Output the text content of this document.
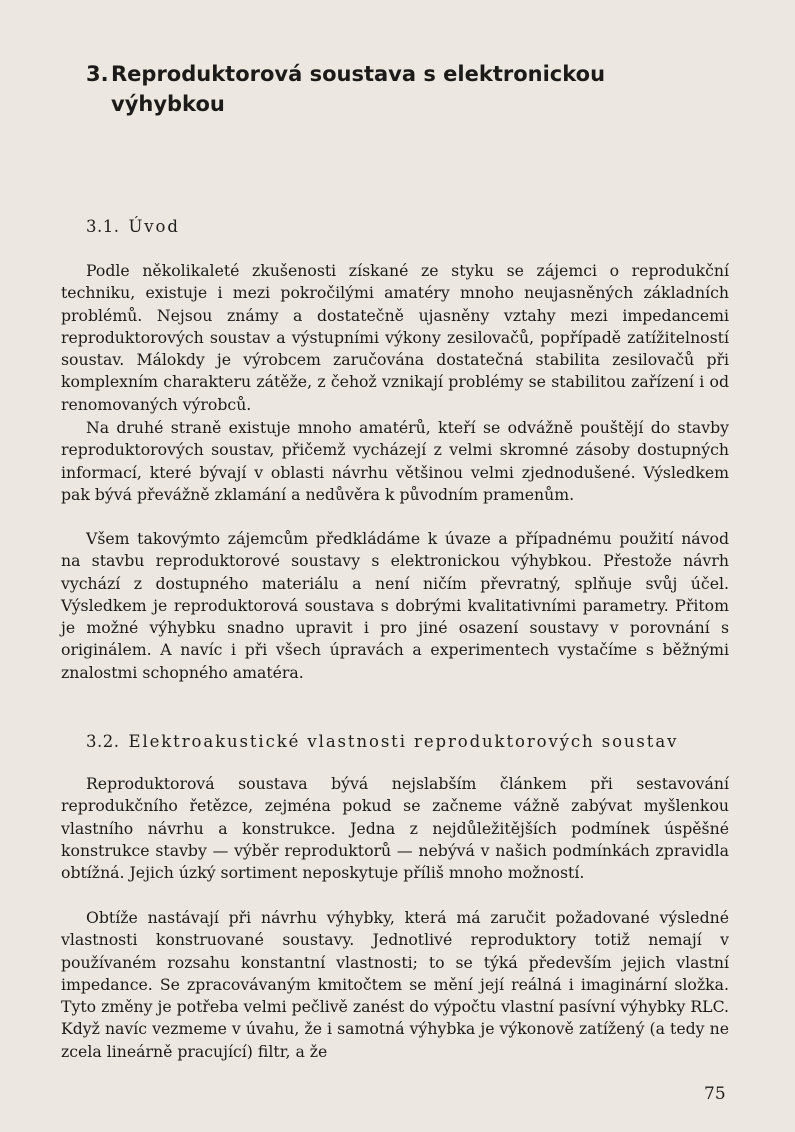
3. Reproduktorová soustava s elektronickou
výhybkou
3.1. Úvod

Podle několikaleté zkušenosti získané ze styku se zájemci o reprodukční techniku, existuje i mezi pokročilými amatéry mnoho neujasněných základních problémů. Nejsou známy a dostatečně ujasněny vztahy mezi impedancemi reproduktorových soustav a výstupními výkony zesilovačů, popřípadě zatížitelností soustav. Málokdy je výrobcem zaručována dostatečná stabilita zesilovačů při komplexním charakteru zátěže, z čehož vznikají problémy se stabilitou zařízení i od renomovaných výrobců.

Na druhé straně existuje mnoho amatérů, kteří se odvážně pouštějí do stavby reproduktorových soustav, přičemž vycházejí z velmi skromné zásoby dostupných informací, které bývají v oblasti návrhu většinou velmi zjednodušené. Výsledkem pak bývá převážně zklamání a nedůvěra k původním pramenům.

Všem takovýmto zájemcům předkládáme k úvaze a případnému použití návod na stavbu reproduktorové soustavy s elektronickou výhybkou. Přestože návrh vychází z dostupného materiálu a není ničím převratný, splňuje svůj účel. Výsledkem je reproduktorová soustava s dobrými kvalitativními parametry. Přitom je možné výhybku snadno upravit i pro jiné osazení soustavy v porovnání s originálem. A navíc i při všech úpravách a experimentech vystačíme s běžnými znalostmi schopného amatéra.

3.2. Elektroakustické vlastnosti reproduktorových soustav

Reproduktorová soustava bývá nejslabším článkem při sestavování reprodukčního řetězce, zejména pokud se začneme vážně zabývat myšlenkou vlastního návrhu a konstrukce. Jedna z nejdůležitějších podmínek úspěšné konstrukce stavby — výběr reproduktorů — nebývá v našich podmínkách zpravidla obtížná. Jejich úzký sortiment neposkytuje příliš mnoho možností.

Obtíže nastávají při návrhu výhybky, která má zaručit požadované výsledné vlastnosti konstruované soustavy. Jednotlivé reproduktory totiž nemají v používaném rozsahu konstantní vlastnosti; to se týká především jejich vlastní impedance. Se zpracovávaným kmitočtem se mění její reálná i imaginární složka. Tyto změny je potřeba velmi pečlivě zanést do výpočtu vlastní pasívní výhybky RLC. Když navíc vezmeme v úvahu, že i samotná výhybka je výkonově zatížený (a tedy ne zcela lineárně pracující) filtr, a že

75
